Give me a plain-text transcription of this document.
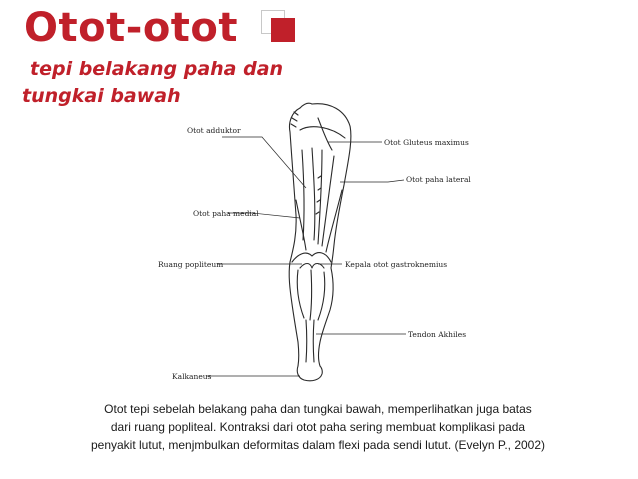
Otot-otot

tepi belakang paha dan

tungkai bawah

Otot adduktor
Otot Gluteus maximus
Otot paha lateral
Otot paha medial
Ruang popliteum	Kepala otot gastroknemius
Tendon Akhiles
Kalkaneus

Otot tepi sebelah belakang paha dan tungkai bawah, memperlihatkan juga batas
dari ruang popliteal. Kontraksi dari otot paha sering membuat komplikasi pada
penyakit lutut, menjmbulkan deformitas dalam flexi pada sendi lutut. (Evelyn P., 2002)
